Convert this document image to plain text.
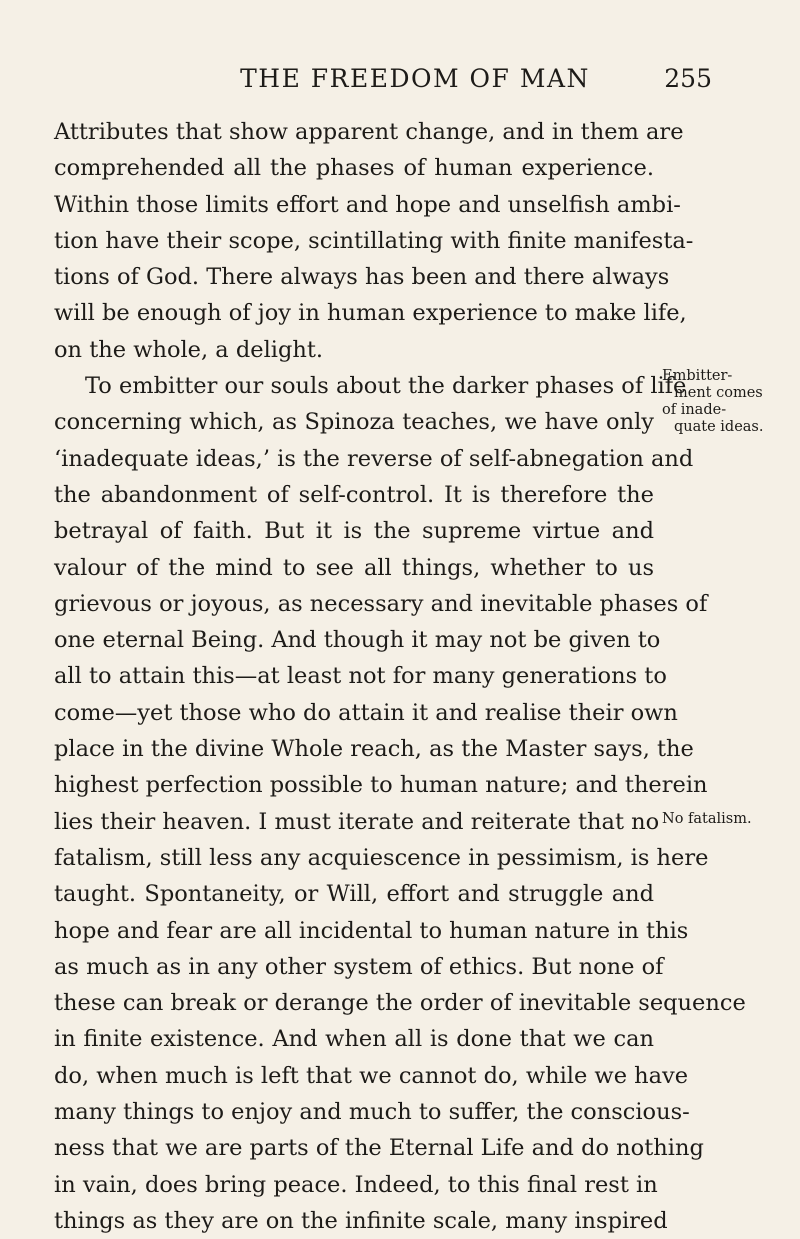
THE FREEDOM OF MAN	255
Attributes that show apparent change, and in them are
comprehended all the phases of human experience.
Within those limits effort and hope and unselfish ambi-
tion have their scope, scintillating with finite manifesta-
tions of God. There always has been and there always
will be enough of joy in human experience to make life,
on the whole, a delight.
To embitter our souls about the darker phases of life
concerning which, as Spinoza teaches, we have only
‘inadequate ideas,’ is the reverse of self-abnegation and
the abandonment of self-control. It is therefore the
betrayal of faith. But it is the supreme virtue and
valour of the mind to see all things, whether to us
grievous or joyous, as necessary and inevitable phases of
one eternal Being. And though it may not be given to
all to attain this—at least not for many generations to
come—yet those who do attain it and realise their own
place in the divine Whole reach, as the Master says, the
highest perfection possible to human nature; and therein
lies their heaven. I must iterate and reiterate that no
fatalism, still less any acquiescence in pessimism, is here
taught. Spontaneity, or Will, effort and struggle and
hope and fear are all incidental to human nature in this
as much as in any other system of ethics. But none of
these can break or derange the order of inevitable sequence
in finite existence. And when all is done that we can
do, when much is left that we cannot do, while we have
many things to enjoy and much to suffer, the conscious-
ness that we are parts of the Eternal Life and do nothing
in vain, does bring peace. Indeed, to this final rest in
things as they are on the infinite scale, many inspired
Embitter-
ment comes
of inade-
quate ideas.
No fatalism.
